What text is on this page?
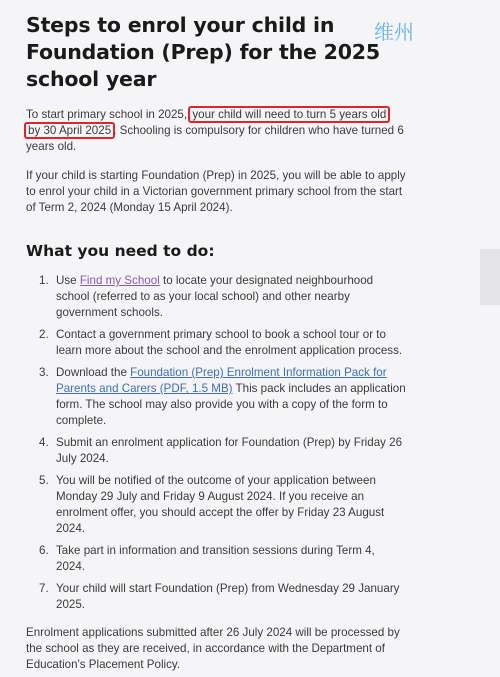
维州
Steps to enrol your child in Foundation (Prep) for the 2025 school year

To start primary school in 2025, your child will need to turn 5 years old
by 30 April 2025 . Schooling is compulsory for children who have turned 6 years old.

If your child is starting Foundation (Prep) in 2025, you will be able to apply to enrol your child in a Victorian government primary school from the start of Term 2, 2024 (Monday 15 April 2024).

What you need to do:
1. Use Find my School to locate your designated neighbourhood school (referred to as your local school) and other nearby government schools.
2. Contact a government primary school to book a school tour or to learn more about the school and the enrolment application process.
3. Download the Foundation (Prep) Enrolment Information Pack for Parents and Carers (PDF, 1.5 MB) This pack includes an application form. The school may also provide you with a copy of the form to complete.
4. Submit an enrolment application for Foundation (Prep) by Friday 26 July 2024.
5. You will be notified of the outcome of your application between Monday 29 July and Friday 9 August 2024. If you receive an enrolment offer, you should accept the offer by Friday 23 August 2024.
6. Take part in information and transition sessions during Term 4, 2024.
7. Your child will start Foundation (Prep) from Wednesday 29 January 2025.

Enrolment applications submitted after 26 July 2024 will be processed by the school as they are received, in accordance with the Department of Education's Placement Policy.
